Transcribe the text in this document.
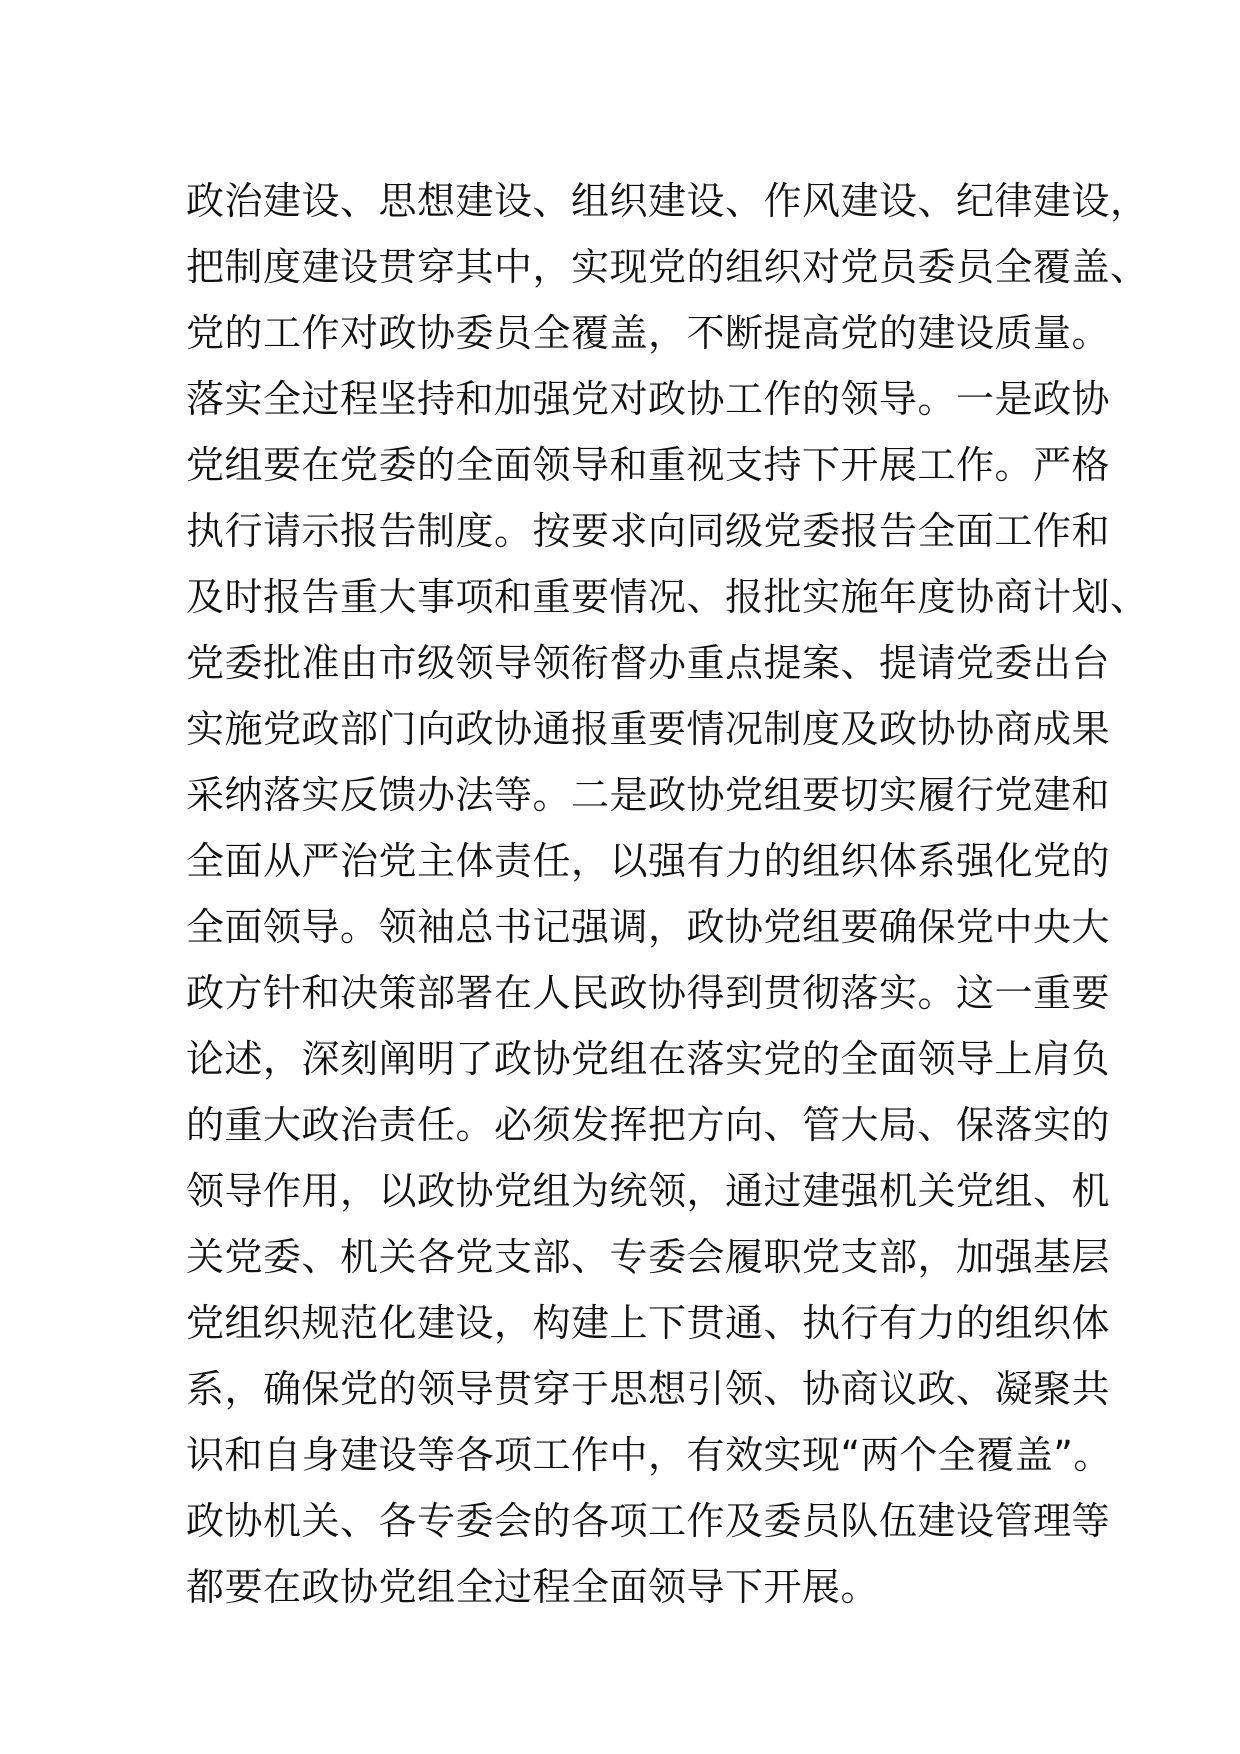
政治建设、思想建设、组织建设、作风建设、纪律建设，
把制度建设贯穿其中，实现党的组织对党员委员全覆盖、
党的工作对政协委员全覆盖，不断提高党的建设质量。
落实全过程坚持和加强党对政协工作的领导。一是政协
党组要在党委的全面领导和重视支持下开展工作。严格
执行请示报告制度。按要求向同级党委报告全面工作和
及时报告重大事项和重要情况、报批实施年度协商计划、
党委批准由市级领导领衔督办重点提案、提请党委出台
实施党政部门向政协通报重要情况制度及政协协商成果
采纳落实反馈办法等。二是政协党组要切实履行党建和
全面从严治党主体责任，以强有力的组织体系强化党的
全面领导。领袖总书记强调，政协党组要确保党中央大
政方针和决策部署在人民政协得到贯彻落实。这一重要
论述，深刻阐明了政协党组在落实党的全面领导上肩负
的重大政治责任。必须发挥把方向、管大局、保落实的
领导作用，以政协党组为统领，通过建强机关党组、机
关党委、机关各党支部、专委会履职党支部，加强基层
党组织规范化建设，构建上下贯通、执行有力的组织体
系，确保党的领导贯穿于思想引领、协商议政、凝聚共
识和自身建设等各项工作中，有效实现“两个全覆盖”。
政协机关、各专委会的各项工作及委员队伍建设管理等
都要在政协党组全过程全面领导下开展。
